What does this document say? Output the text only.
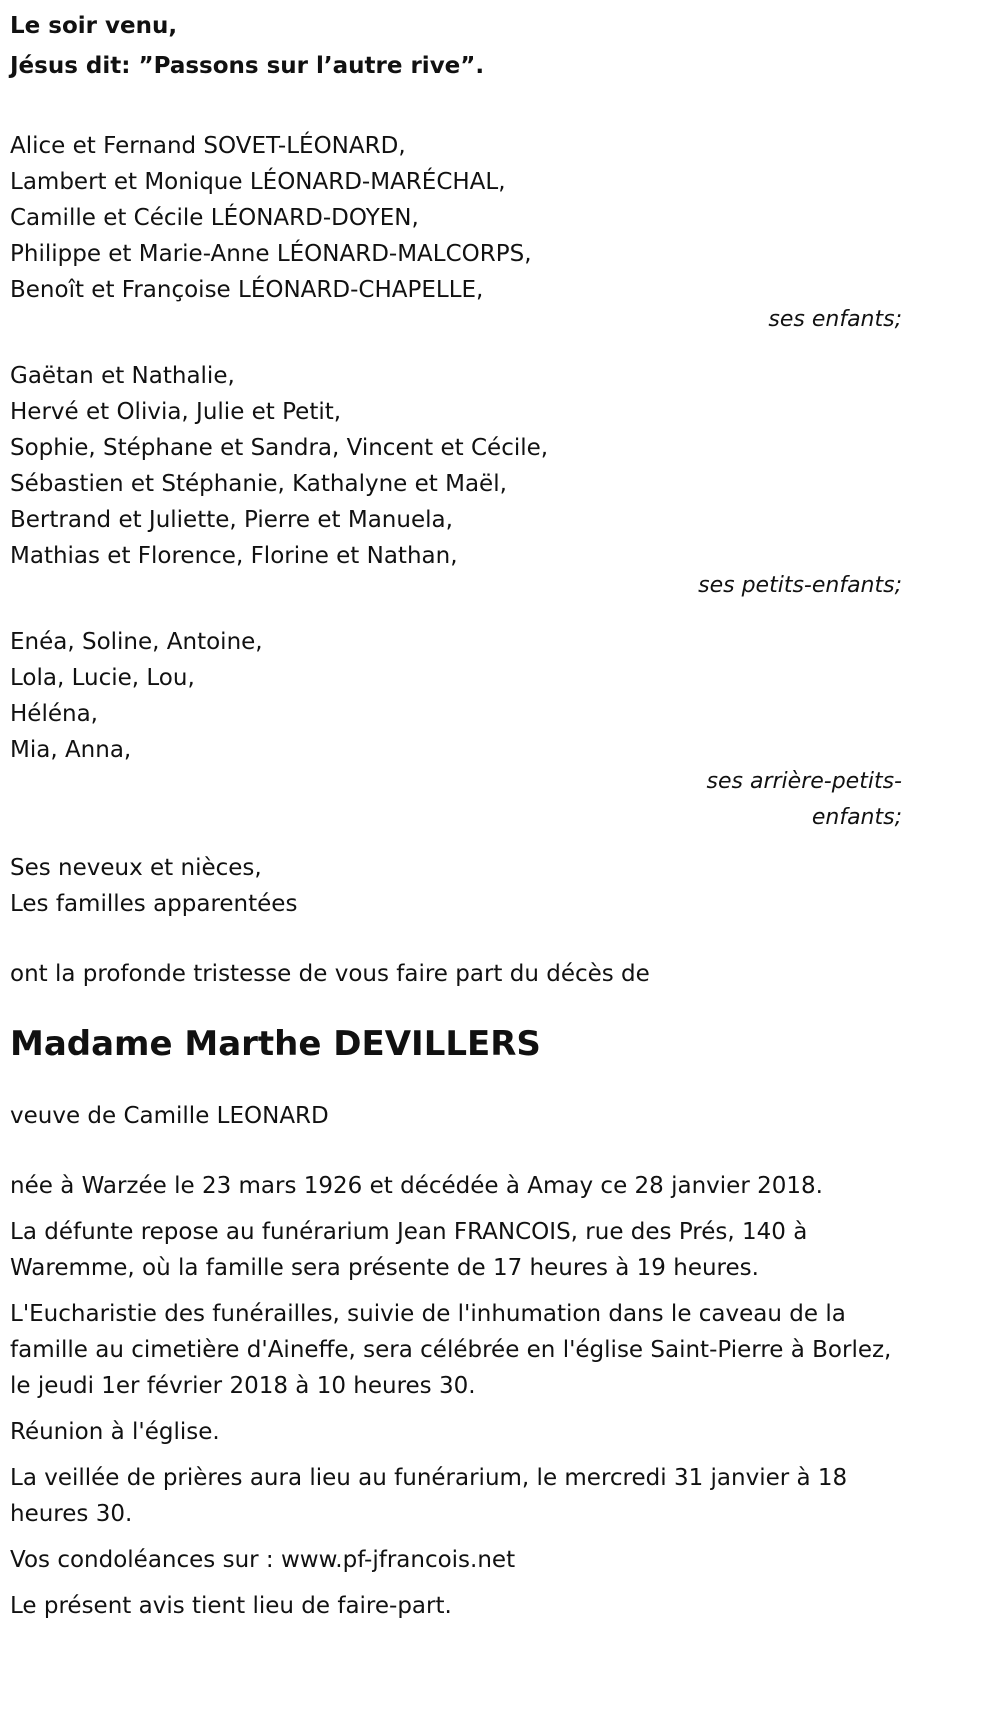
Le soir venu,
Jésus dit: ”Passons sur l’autre rive”.
Alice et Fernand SOVET-LÉONARD,
Lambert et Monique LÉONARD-MARÉCHAL,
Camille et Cécile LÉONARD-DOYEN,
Philippe et Marie-Anne LÉONARD-MALCORPS,
Benoît et Françoise LÉONARD-CHAPELLE,
ses enfants;
Gaëtan et Nathalie,
Hervé et Olivia, Julie et Petit,
Sophie, Stéphane et Sandra, Vincent et Cécile,
Sébastien et Stéphanie, Kathalyne et Maël,
Bertrand et Juliette, Pierre et Manuela,
Mathias et Florence, Florine et Nathan,
ses petits-enfants;
Enéa, Soline, Antoine,
Lola, Lucie, Lou,
Héléna,
Mia, Anna,
ses arrière-petits-enfants;
Ses neveux et nièces,
Les familles apparentées
ont la profonde tristesse de vous faire part du décès de
Madame Marthe DEVILLERS
veuve de Camille LEONARD
née à Warzée le 23 mars 1926 et décédée à Amay ce 28 janvier 2018.
La défunte repose au funérarium Jean FRANCOIS, rue des Prés, 140 à Waremme, où la famille sera présente de 17 heures à 19 heures.
L'Eucharistie des funérailles, suivie de l'inhumation dans le caveau de la famille au cimetière d'Aineffe, sera célébrée en l'église Saint-Pierre à Borlez, le jeudi 1er février 2018 à 10 heures 30.
Réunion à l'église.
La veillée de prières aura lieu au funérarium, le mercredi 31 janvier à 18 heures 30.
Vos condoléances sur : www.pf-jfrancois.net
Le présent avis tient lieu de faire-part.
